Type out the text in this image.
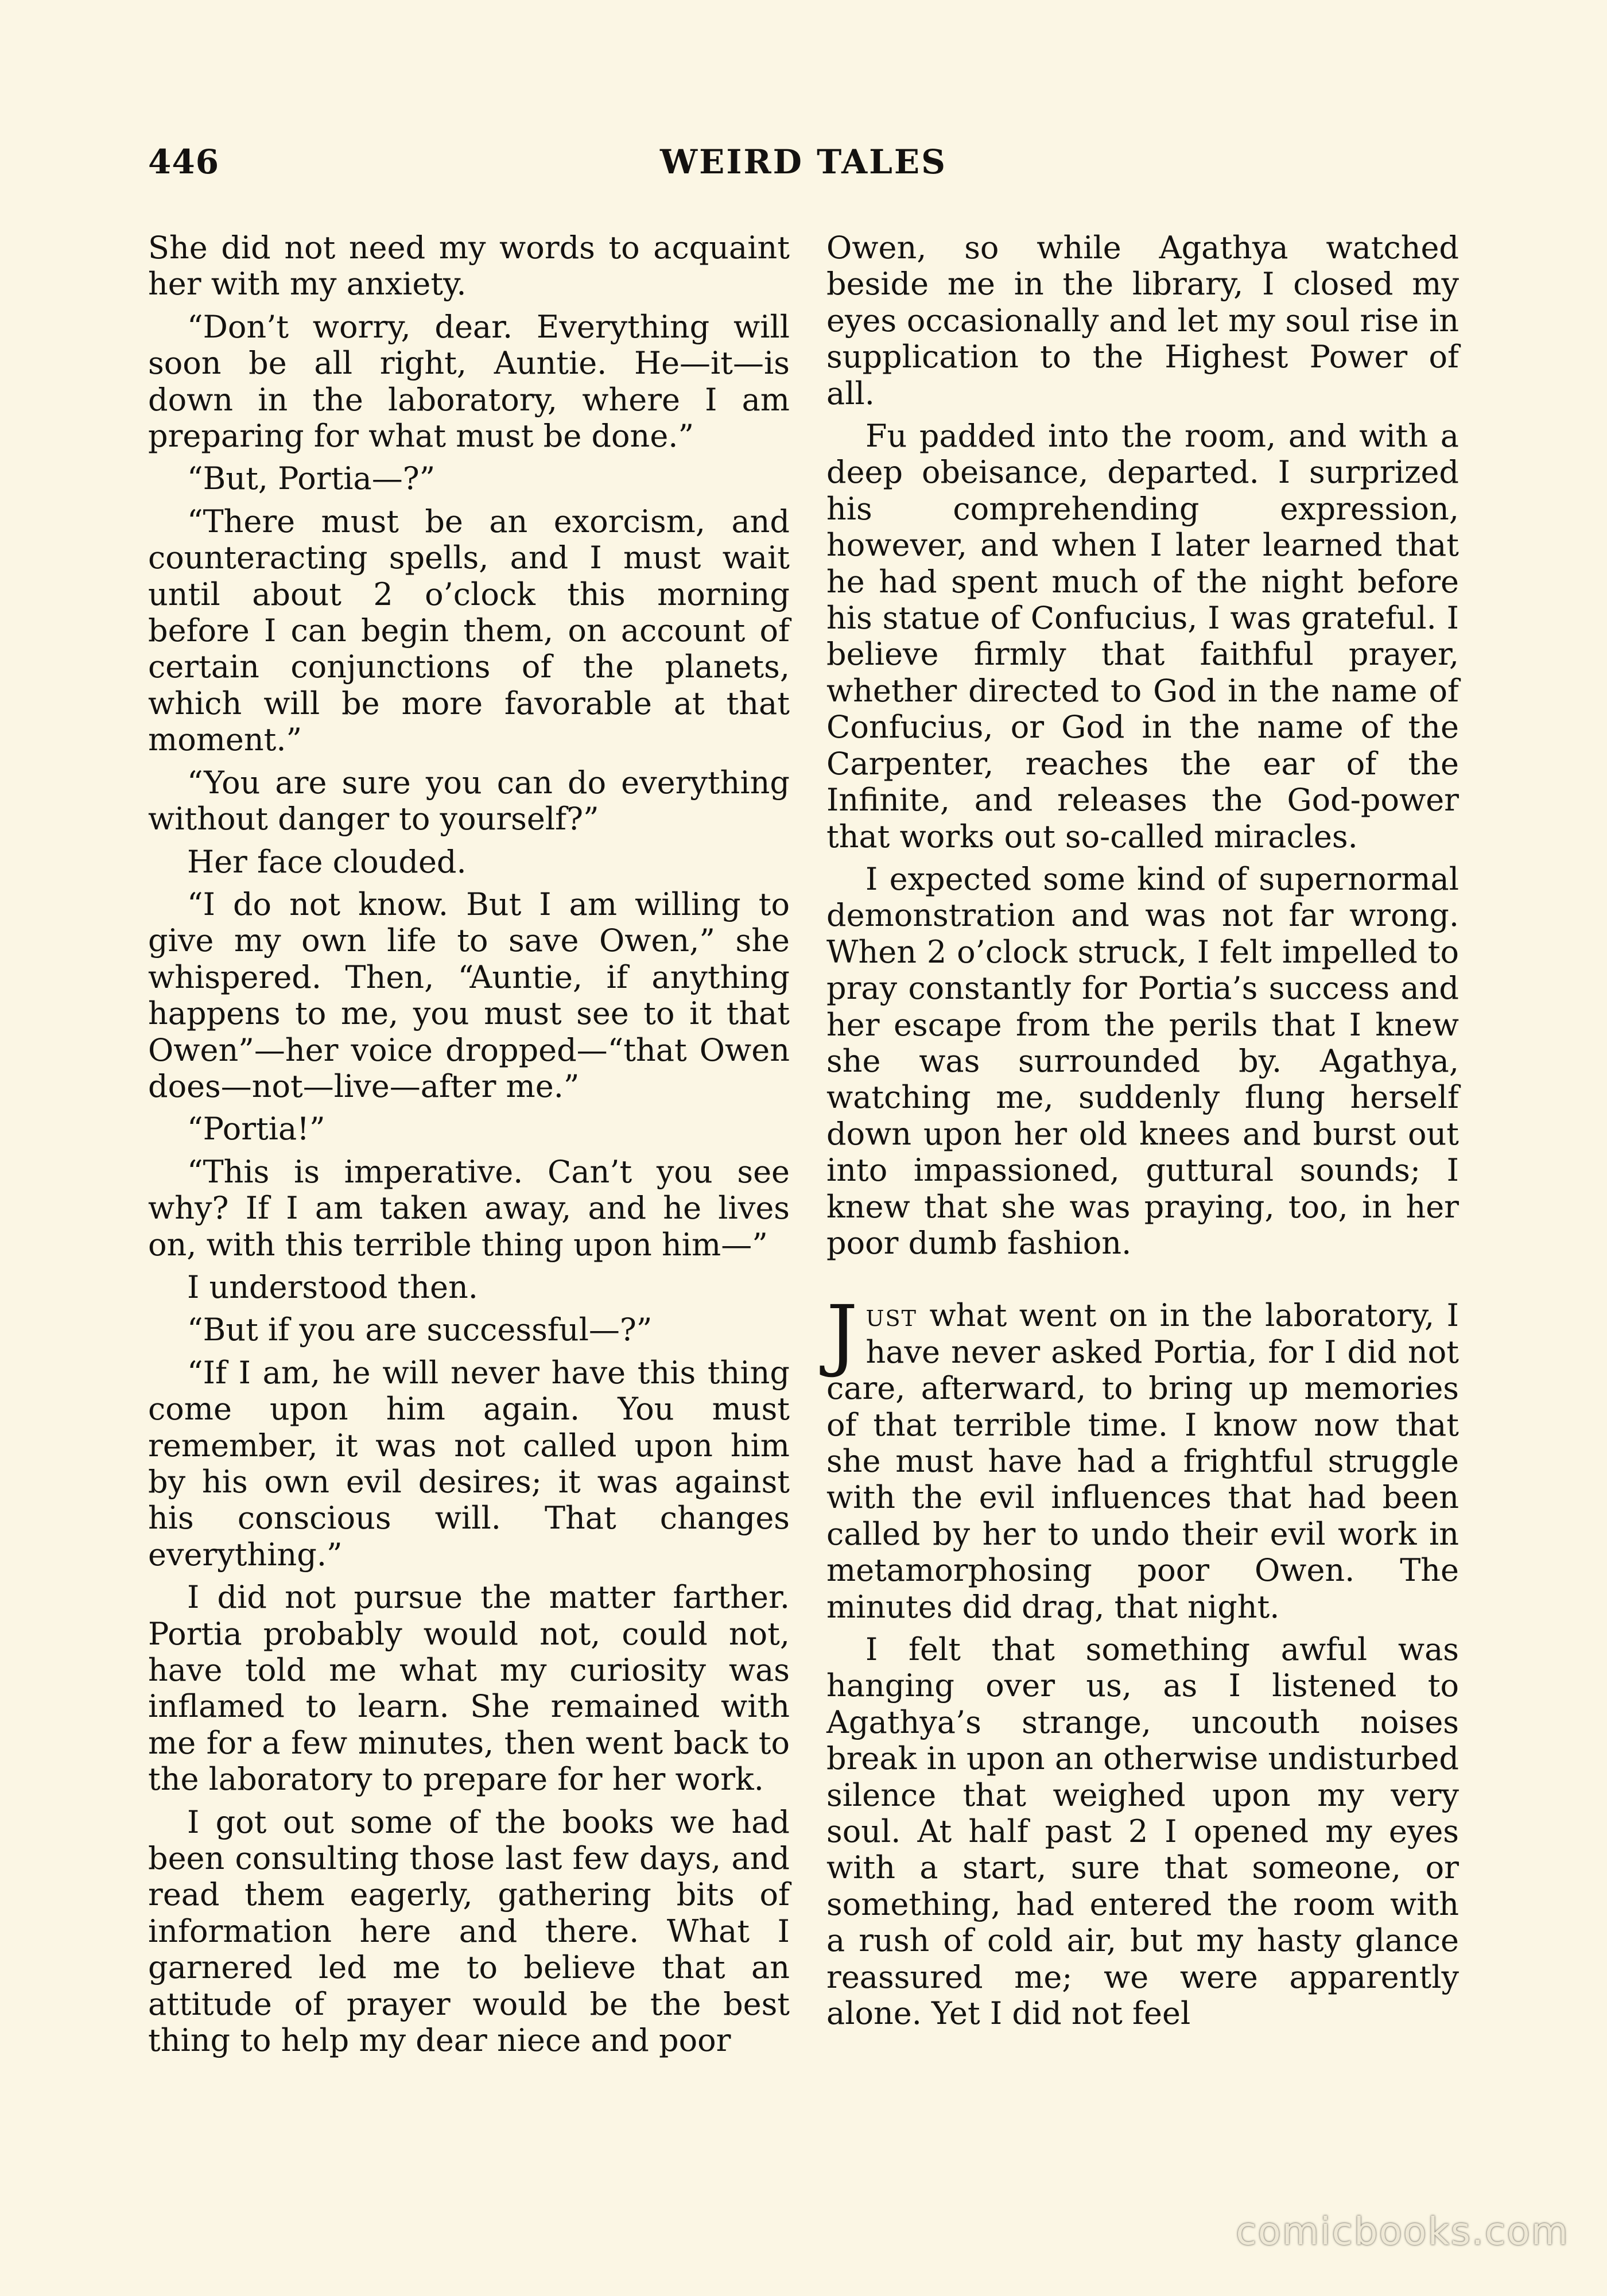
446	WEIRD TALES

She did not need my words to acquaint her with my anxiety.

“Don’t worry, dear. Everything will soon be all right, Auntie. He—it—is down in the laboratory, where I am preparing for what must be done.”

“But, Portia—?”

“There must be an exorcism, and counteracting spells, and I must wait until about 2 o’clock this morning before I can begin them, on account of certain conjunctions of the planets, which will be more favorable at that moment.”

“You are sure you can do everything without danger to yourself?”

Her face clouded.

“I do not know. But I am willing to give my own life to save Owen,” she whispered. Then, “Auntie, if anything happens to me, you must see to it that Owen”—her voice dropped—“that Owen does—not—live—after me.”

“Portia!”

“This is imperative. Can’t you see why? If I am taken away, and he lives on, with this terrible thing upon him—”

I understood then.

“But if you are successful—?”

“If I am, he will never have this thing come upon him again. You must remember, it was not called upon him by his own evil desires; it was against his conscious will. That changes everything.”

I did not pursue the matter farther. Portia probably would not, could not, have told me what my curiosity was inflamed to learn. She remained with me for a few minutes, then went back to the laboratory to prepare for her work.

I got out some of the books we had been consulting those last few days, and read them eagerly, gathering bits of information here and there. What I garnered led me to believe that an attitude of prayer would be the best thing to help my dear niece and poor

Owen, so while Agathya watched beside me in the library, I closed my eyes occasionally and let my soul rise in supplication to the Highest Power of all.

Fu padded into the room, and with a deep obeisance, departed. I surprized his comprehending expression, however, and when I later learned that he had spent much of the night before his statue of Confucius, I was grateful. I believe firmly that faithful prayer, whether directed to God in the name of Confucius, or God in the name of the Carpenter, reaches the ear of the Infinite, and releases the God-power that works out so-called miracles.

I expected some kind of supernormal demonstration and was not far wrong. When 2 o’clock struck, I felt impelled to pray constantly for Portia’s success and her escape from the perils that I knew she was surrounded by. Agathya, watching me, suddenly flung herself down upon her old knees and burst out into impassioned, guttural sounds; I knew that she was praying, too, in her poor dumb fashion.

Just what went on in the laboratory, I have never asked Portia, for I did not care, afterward, to bring up memories of that terrible time. I know now that she must have had a frightful struggle with the evil influences that had been called by her to undo their evil work in metamorphosing poor Owen. The minutes did drag, that night.

I felt that something awful was hanging over us, as I listened to Agathya’s strange, uncouth noises break in upon an otherwise undisturbed silence that weighed upon my very soul. At half past 2 I opened my eyes with a start, sure that someone, or something, had entered the room with a rush of cold air, but my hasty glance reassured me; we were apparently alone. Yet I did not feel

comicbooks.com
